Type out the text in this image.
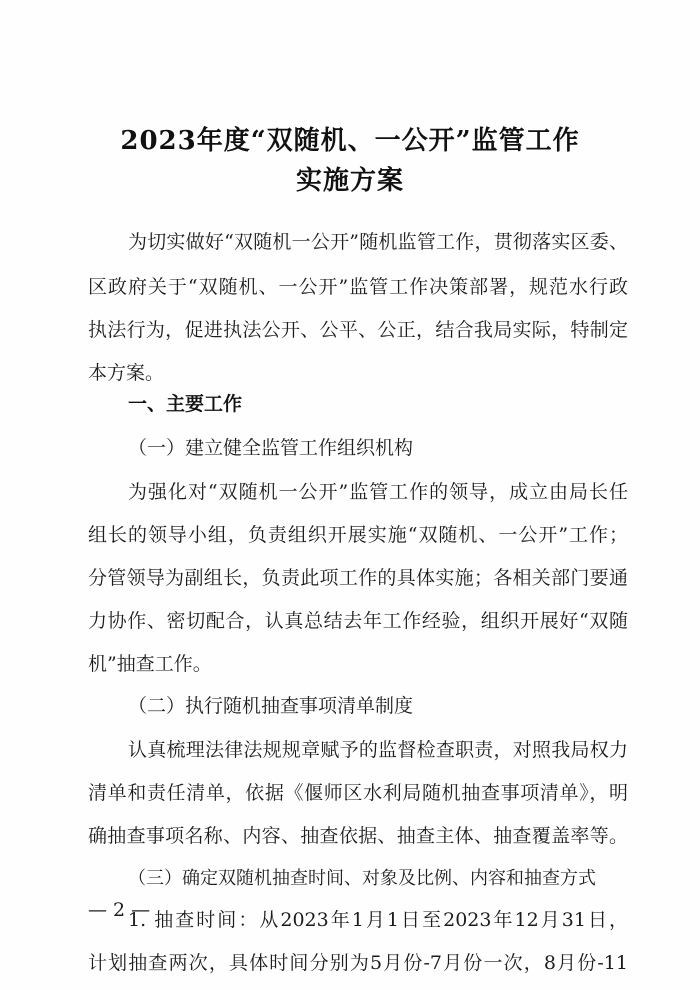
2023年度“双随机、一公开”监管工作
实施方案
为切实做好“双随机一公开”随机监管工作，贯彻落实区委、
区政府关于“双随机、一公开”监管工作决策部署，规范水行政
执法行为，促进执法公开、公平、公正，结合我局实际，特制定
本方案。
一、主要工作
（一）建立健全监管工作组织机构
为强化对“双随机一公开”监管工作的领导，成立由局长任
组长的领导小组，负责组织开展实施“双随机、一公开”工作；
分管领导为副组长，负责此项工作的具体实施；各相关部门要通
力协作、密切配合，认真总结去年工作经验，组织开展好“双随
机”抽查工作。
（二）执行随机抽查事项清单制度
认真梳理法律法规规章赋予的监督检查职责，对照我局权力
清单和责任清单，依据《偃师区水利局随机抽查事项清单》，明
确抽查事项名称、内容、抽查依据、抽查主体、抽查覆盖率等。
（三）确定双随机抽查时间、对象及比例、内容和抽查方式
1. 抽查时间：从2023年1月1日至2023年12月31日，
计划抽查两次，具体时间分别为5月份-7月份一次，8月份-11
— 2 —
